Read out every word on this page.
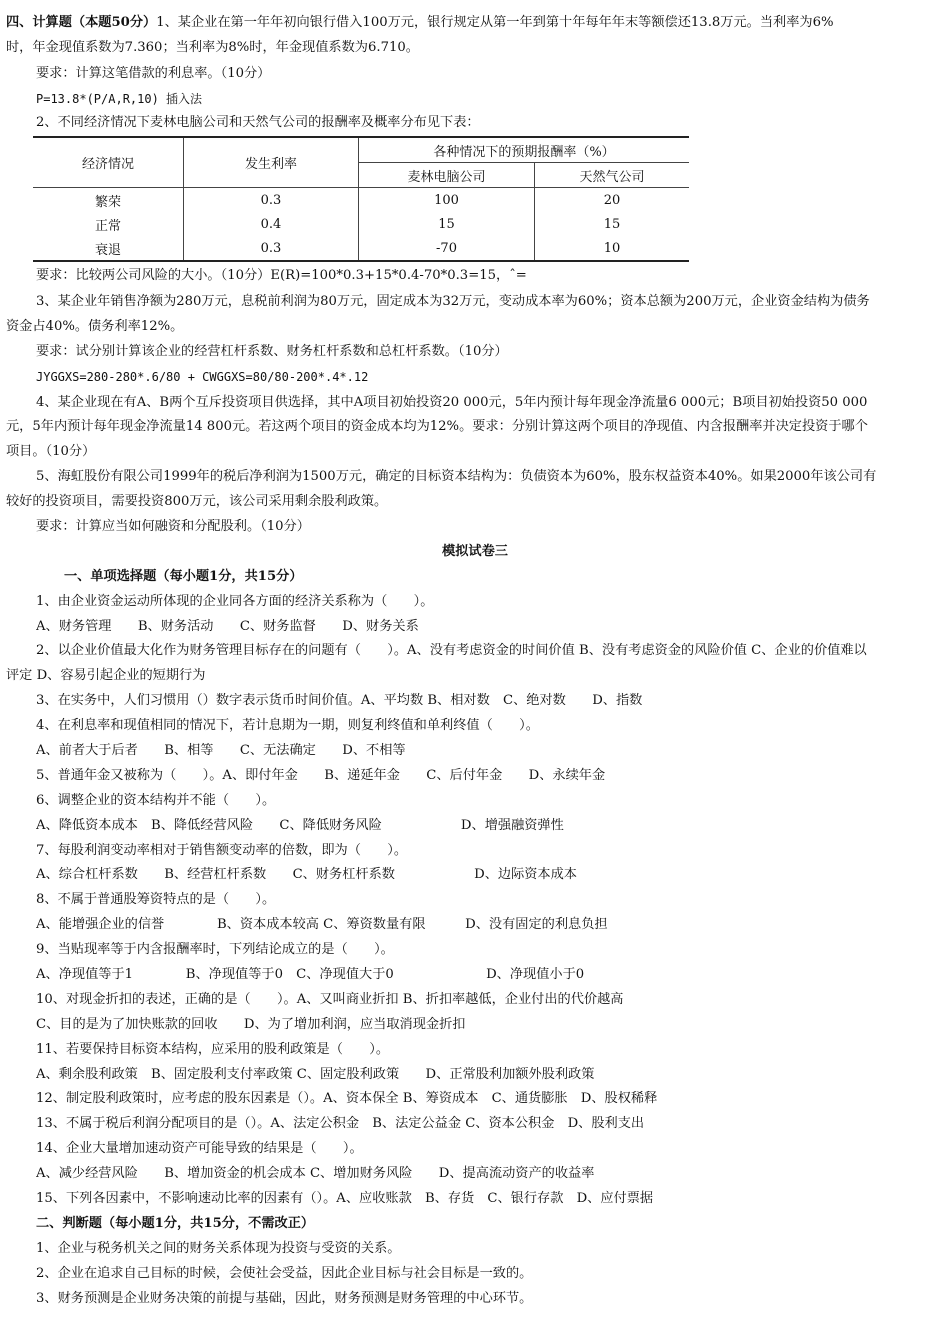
四、计算题（本题50分）1、某企业在第一年年初向银行借入100万元，银行规定从第一年到第十年每年年末等额偿还13.8万元。当利率为6%
时，年金现值系数为7.360；当利率为8%时，年金现值系数为6.710。
要求：计算这笔借款的利息率。（10分）
P=13.8*(P/A,R,10) 插入法
2、不同经济情况下麦林电脑公司和天然气公司的报酬率及概率分布见下表：
经济情况	发生利率	各种情况下的预期报酬率（%）	
		麦林电脑公司	天然气公司
繁荣	0.3	100	20
正常	0.4	15	15
衰退	0.3	-70	10
要求：比较两公司风险的大小。（10分）E(R)=100*0.3+15*0.4-70*0.3=15，ˆ=
3、某企业年销售净额为280万元，息税前利润为80万元，固定成本为32万元，变动成本率为60%；资本总额为200万元，企业资金结构为债务
资金占40%。债务利率12%。
要求：试分别计算该企业的经营杠杆系数、财务杠杆系数和总杠杆系数。（10分）
JYGGXS=280-280*.6/80 + CWGGXS=80/80-200*.4*.12
4、某企业现在有A、B两个互斥投资项目供选择，其中A项目初始投资20 000元，5年内预计每年现金净流量6 000元；B项目初始投资50 000
元，5年内预计每年现金净流量14 800元。若这两个项目的资金成本均为12%。要求：分别计算这两个项目的净现值、内含报酬率并决定投资于哪个
项目。（10分）
5、海虹股份有限公司1999年的税后净利润为1500万元，确定的目标资本结构为：负债资本为60%，股东权益资本40%。如果2000年该公司有
较好的投资项目，需要投资800万元，该公司采用剩余股利政策。
要求：计算应当如何融资和分配股利。（10分）
模拟试卷三
一、单项选择题（每小题1分，共15分）
1、由企业资金运动所体现的企业同各方面的经济关系称为（　　）。
A、财务管理　　B、财务活动　　C、财务监督　　D、财务关系
2、以企业价值最大化作为财务管理目标存在的问题有（　　）。A、没有考虑资金的时间价值 B、没有考虑资金的风险价值 C、企业的价值难以
评定 D、容易引起企业的短期行为
3、在实务中，人们习惯用（）数字表示货币时间价值。A、平均数 B、相对数　C、绝对数　　D、指数
4、在利息率和现值相同的情况下，若计息期为一期，则复利终值和单利终值（　　）。
A、前者大于后者　　B、相等　　C、无法确定　　D、不相等
5、普通年金又被称为（　　）。A、即付年金　　B、递延年金　　C、后付年金　　D、永续年金
6、调整企业的资本结构并不能（　　）。
A、降低资本成本　B、降低经营风险　　C、降低财务风险　　　　　　D、增强融资弹性
7、每股利润变动率相对于销售额变动率的倍数，即为（　　）。
A、综合杠杆系数　　B、经营杠杆系数　　C、财务杠杆系数　　　　　　D、边际资本成本
8、不属于普通股筹资特点的是（　　）。
A、能增强企业的信誉　　　　B、资本成本较高 C、筹资数量有限　　　D、没有固定的利息负担
9、当贴现率等于内含报酬率时，下列结论成立的是（　　）。
A、净现值等于1　　　　B、净现值等于0　C、净现值大于0　　　　　　　D、净现值小于0
10、对现金折扣的表述，正确的是（　　）。A、又叫商业折扣 B、折扣率越低，企业付出的代价越高
C、目的是为了加快账款的回收　　D、为了增加利润，应当取消现金折扣
11、若要保持目标资本结构，应采用的股利政策是（　　）。
A、剩余股利政策　B、固定股利支付率政策 C、固定股利政策　　D、正常股利加额外股利政策
12、制定股利政策时，应考虑的股东因素是（）。A、资本保全 B、筹资成本　C、通货膨胀　D、股权稀释
13、不属于税后利润分配项目的是（）。A、法定公积金　B、法定公益金 C、资本公积金　D、股利支出
14、企业大量增加速动资产可能导致的结果是（　　）。
A、减少经营风险　　B、增加资金的机会成本 C、增加财务风险　　D、提高流动资产的收益率
15、下列各因素中，不影响速动比率的因素有（）。A、应收账款　B、存货　C、银行存款　D、应付票据
二、判断题（每小题1分，共15分，不需改正）
1、企业与税务机关之间的财务关系体现为投资与受资的关系。
2、企业在追求自己目标的时候，会使社会受益，因此企业目标与社会目标是一致的。
3、财务预测是企业财务决策的前提与基础，因此，财务预测是财务管理的中心环节。
